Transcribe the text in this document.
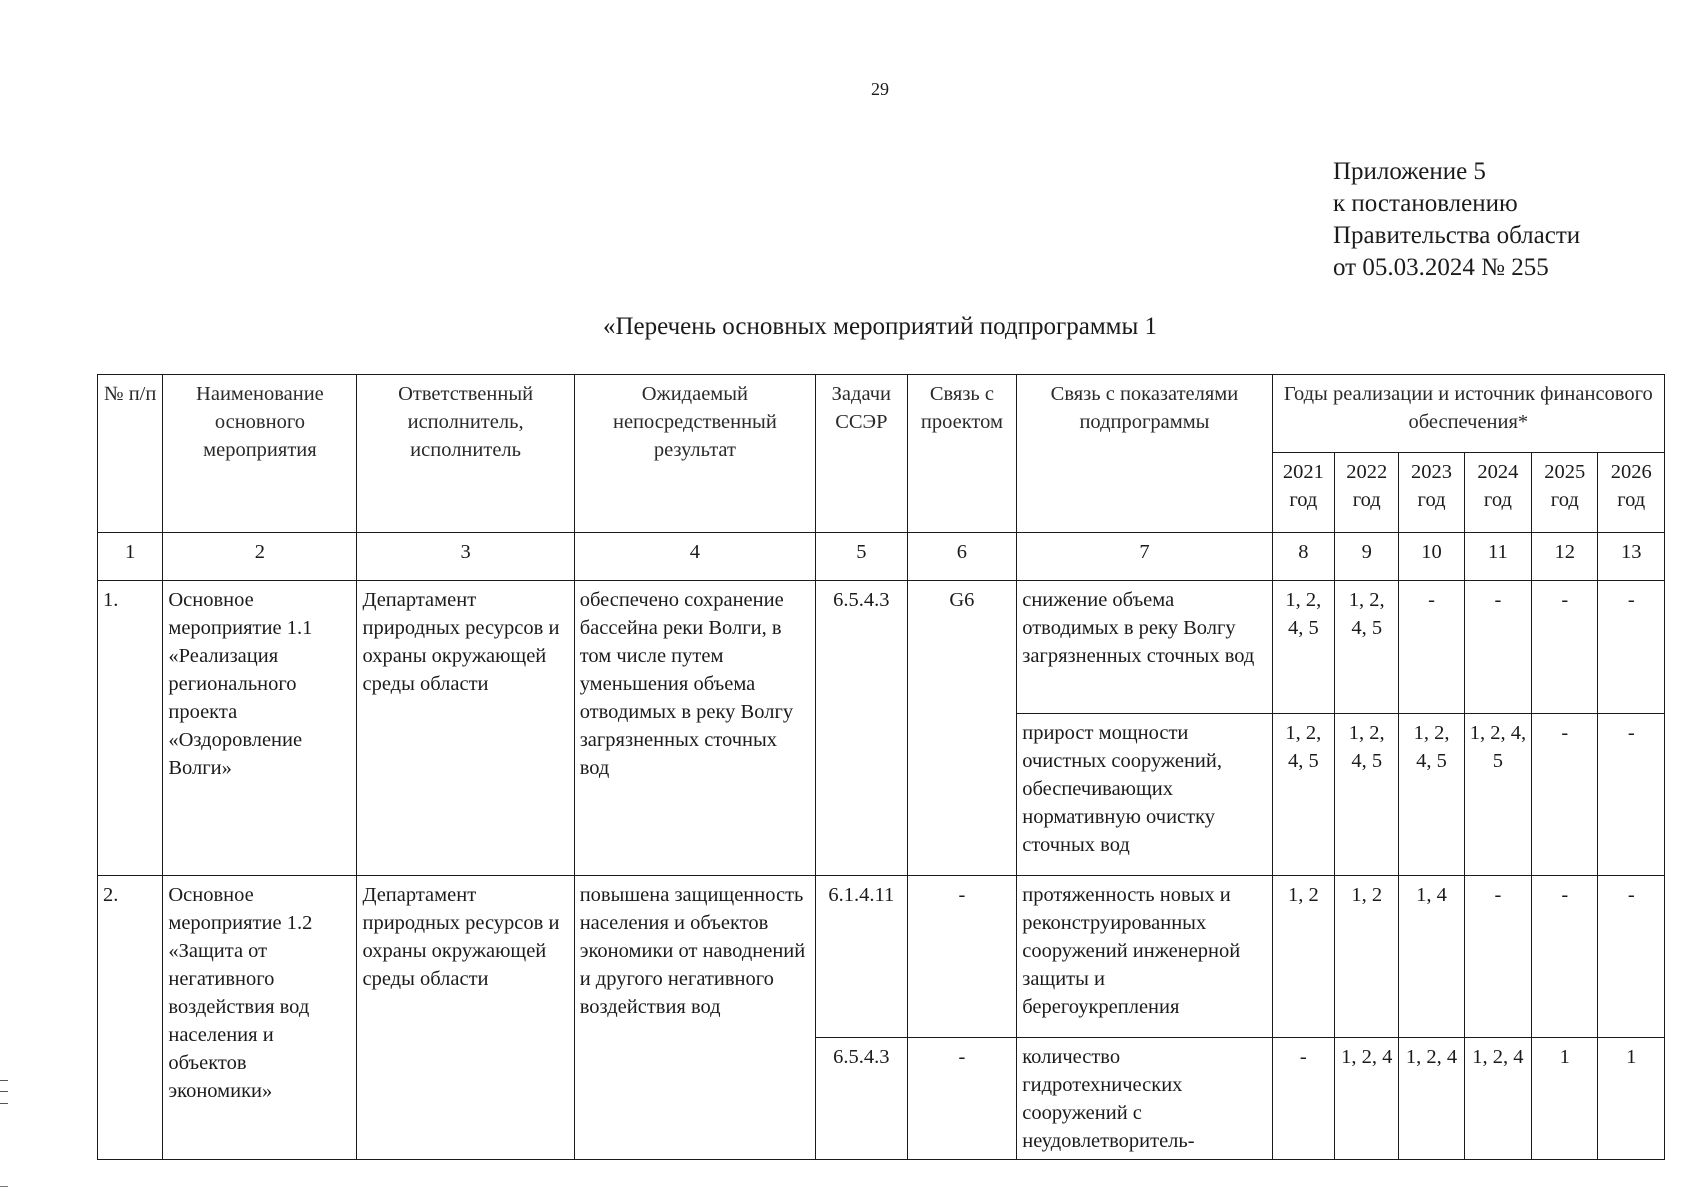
29
Приложение 5
к постановлению
Правительства области
от 05.03.2024 № 255
«Перечень основных мероприятий подпрограммы 1
№ п/п	Наименование основного мероприятия	Ответственный исполнитель, исполнитель	Ожидаемый непосредственный результат	Задачи ССЭР	Связь с проектом	Связь с показателями подпрограммы	Годы реализации и источник финансового обеспечения*					
							2021 год	2022 год	2023 год	2024 год	2025 год	2026 год
1	2	3	4	5	6	7	8	9	10	11	12	13
1.	Основное мероприятие 1.1 «Реализация регионального проекта «Оздоровление Волги»	Департамент природных ресурсов и охраны окружающей среды области	обеспечено сохранение бассейна реки Волги, в том числе путем уменьшения объема отводимых в реку Волгу загрязненных сточных вод	6.5.4.3	G6	снижение объема отводимых в реку Волгу загрязненных сточных вод	1, 2, 4, 5	1, 2, 4, 5	-	-	-	-
						прирост мощности очистных сооружений, обеспечивающих нормативную очистку сточных вод	1, 2, 4, 5	1, 2, 4, 5	1, 2, 4, 5	1, 2, 4, 5	-	-
2.	Основное мероприятие 1.2 «Защита от негативного воздействия вод населения и объектов экономики»	Департамент природных ресурсов и охраны окружающей среды области	повышена защищенность населения и объектов экономики от наводнений и другого негативного воздействия вод	6.1.4.11	-	протяженность новых и реконструированных сооружений инженерной защиты и берегоукрепления	1, 2	1, 2	1, 4	-	-	-
				6.5.4.3	-	количество гидротехнических сооружений с неудовлетворитель-	-	1, 2, 4	1, 2, 4	1, 2, 4	1	1
